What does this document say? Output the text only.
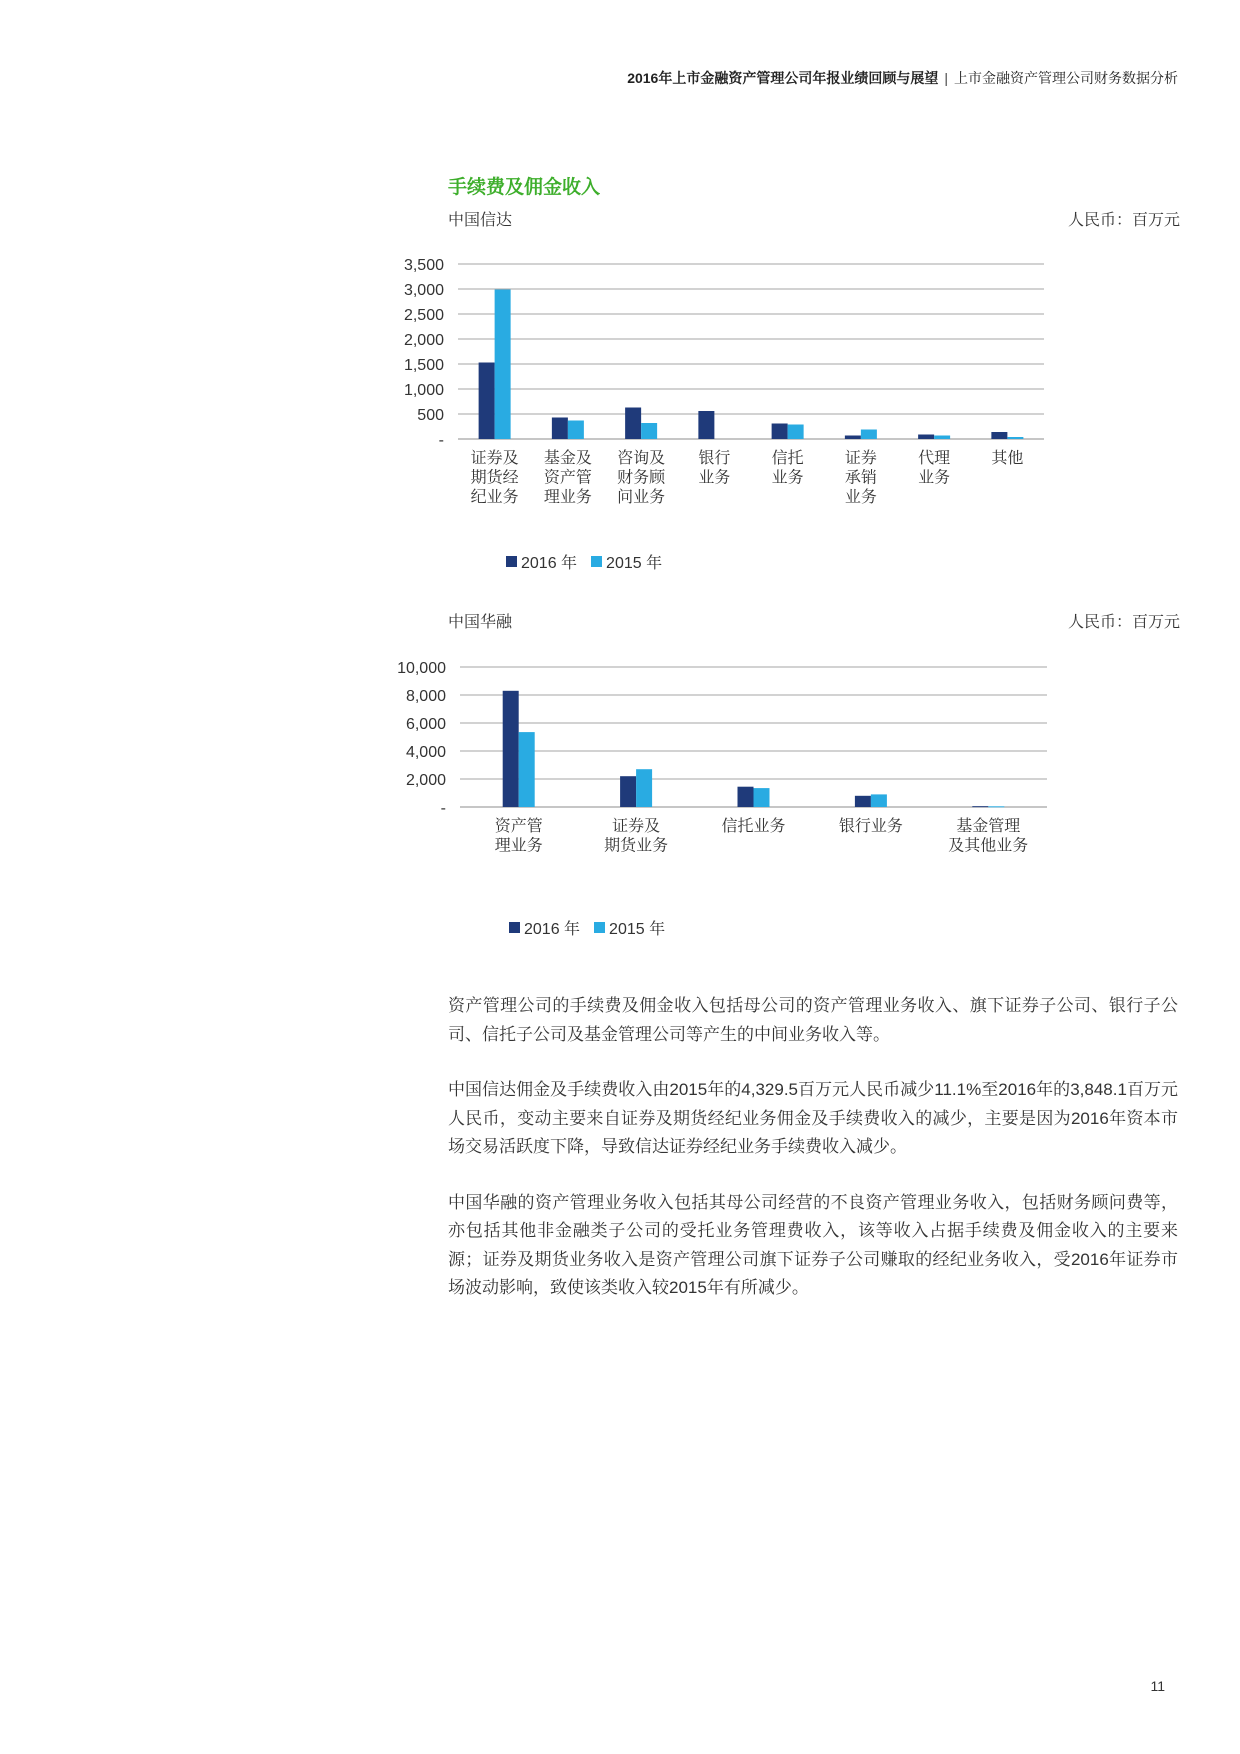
2016年上市金融资产管理公司年报业绩回顾与展望 | 上市金融资产管理公司财务数据分析
手续费及佣金收入
中国信达	人民币：百万元
-
500
1,000
1,500
2,000
2,500
3,000
3,500
证券及
期货经
纪业务
基金及
资产管
理业务
咨询及
财务顾
问业务
银行
业务
信托
业务
证券
承销
业务
代理
业务
其他
2016 年 2015 年
中国华融	人民币：百万元
-
2,000
4,000
6,000
8,000
10,000
资产管
理业务
证券及
期货业务
信托业务	银行业务	基金管理
及其他业务
2016 年 2015 年

资产管理公司的手续费及佣金收入包括母公司的资产管理业务收入、旗下证券子公司、银行子公司、信托子公司及基金管理公司等产生的中间业务收入等。

中国信达佣金及手续费收入由2015年的4,329.5百万元人民币减少11.1%至2016年的3,848.1百万元人民币，变动主要来自证券及期货经纪业务佣金及手续费收入的减少，主要是因为2016年资本市场交易活跃度下降，导致信达证券经纪业务手续费收入减少。

中国华融的资产管理业务收入包括其母公司经营的不良资产管理业务收入，包括财务顾问费等，亦包括其他非金融类子公司的受托业务管理费收入，该等收入占据手续费及佣金收入的主要来源；证券及期货业务收入是资产管理公司旗下证券子公司赚取的经纪业务收入，受2016年证券市场波动影响，致使该类收入较2015年有所减少。

11
